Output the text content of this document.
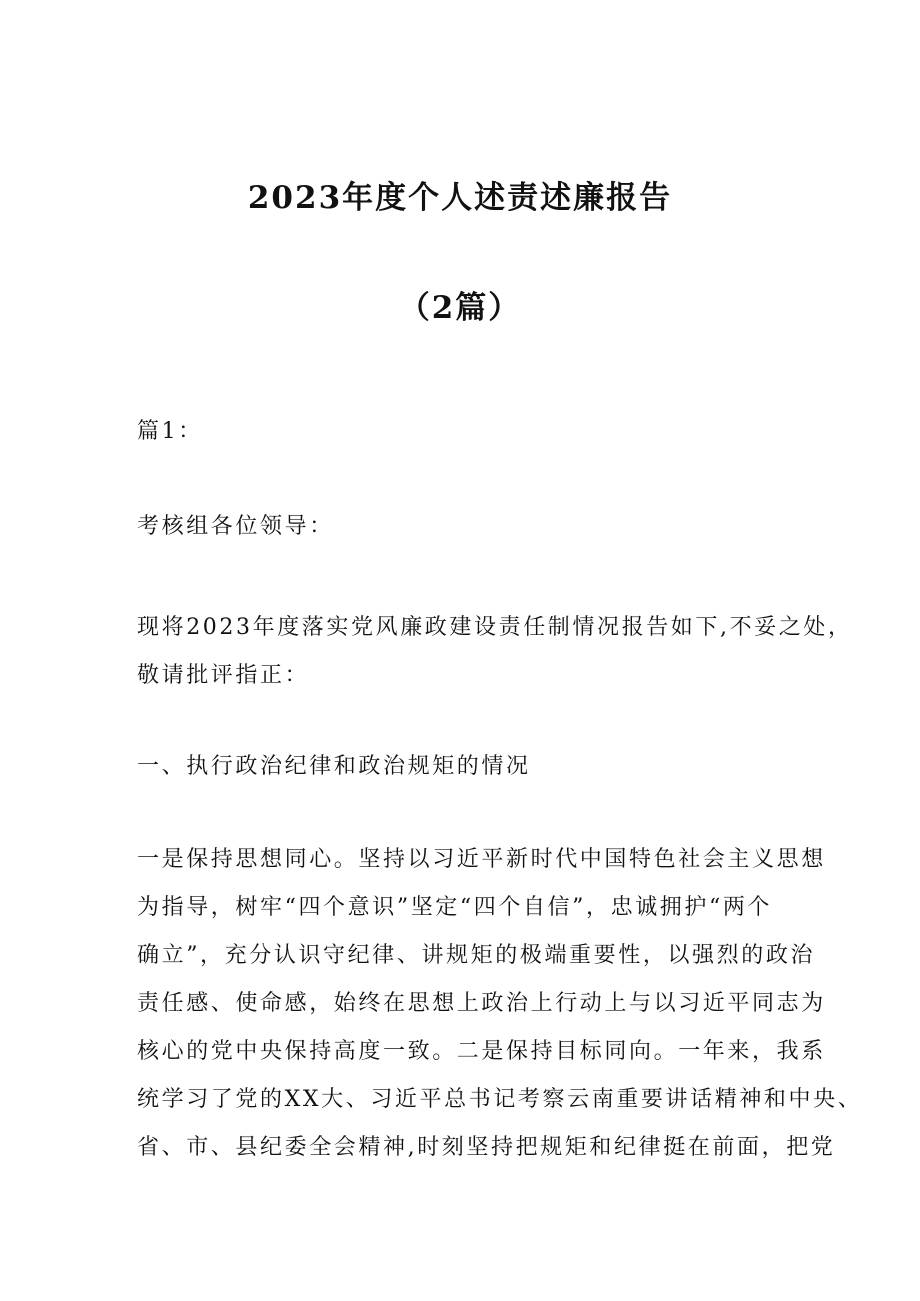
2023年度个人述责述廉报告
（2篇）
篇1：
考核组各位领导：
现将2023年度落实党风廉政建设责任制情况报告如下,不妥之处，
敬请批评指正：
一、执行政治纪律和政治规矩的情况
一是保持思想同心。坚持以习近平新时代中国特色社会主义思想
为指导，树牢“四个意识”坚定“四个自信”，忠诚拥护“两个
确立”，充分认识守纪律、讲规矩的极端重要性，以强烈的政治
责任感、使命感，始终在思想上政治上行动上与以习近平同志为
核心的党中央保持高度一致。二是保持目标同向。一年来，我系
统学习了党的XX大、习近平总书记考察云南重要讲话精神和中央、
省、市、县纪委全会精神,时刻坚持把规矩和纪律挺在前面，把党
